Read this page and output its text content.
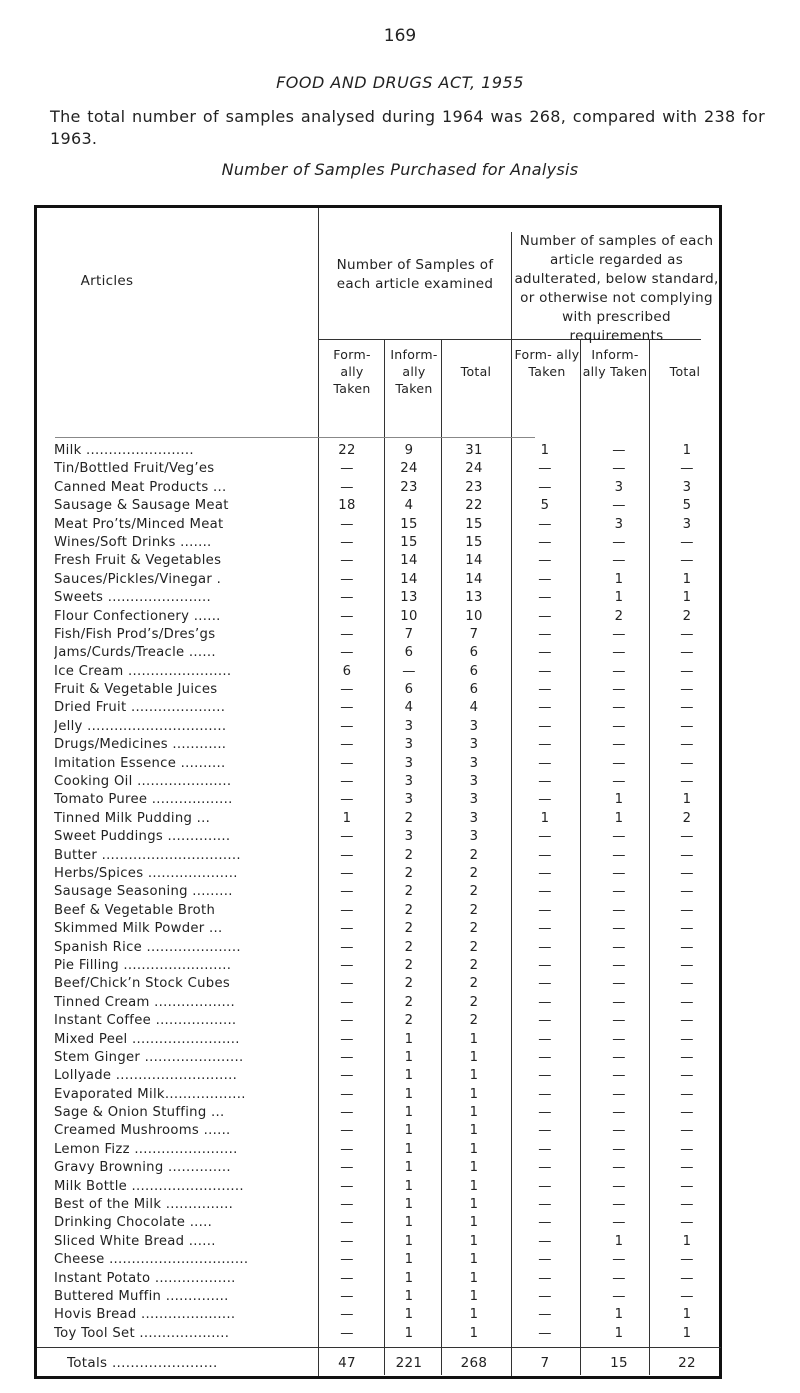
169
FOOD AND DRUGS ACT, 1955
The total number of samples analysed during 1964 was 268, compared with 238 for 1963.
Number of Samples Purchased for Analysis
Articles
Number of Samples of each article examined
Number of samples of each article regarded as adulterated, below standard, or otherwise not complying with prescribed requirements
Form- ally Taken
Inform- ally Taken
Total
Form- ally Taken
Inform- ally Taken	Total
Milk ........................	22	9	31	1	—	1
Tin/Bottled Fruit/Veg’es	—	24	24	—	—	—
Canned Meat Products ...	—	23	23	—	3	3
Sausage & Sausage Meat	18	4	22	5	—	5
Meat Pro’ts/Minced Meat	—	15	15	—	3	3
Wines/Soft Drinks .......	—	15	15	—	—	—
Fresh Fruit & Vegetables	—	14	14	—	—	—
Sauces/Pickles/Vinegar .	—	14	14	—	1	1
Sweets .......................	—	13	13	—	1	1
Flour Confectionery ......	—	10	10	—	2	2
Fish/Fish Prod’s/Dres’gs	—	7	7	—	—	—
Jams/Curds/Treacle ......	—	6	6	—	—	—
Ice Cream .......................	6	—	6	—	—	—
Fruit & Vegetable Juices	—	6	6	—	—	—
Dried Fruit .....................	—	4	4	—	—	—
Jelly ...............................	—	3	3	—	—	—
Drugs/Medicines ............	—	3	3	—	—	—
Imitation Essence ..........	—	3	3	—	—	—
Cooking Oil .....................	—	3	3	—	—	—
Tomato Puree ..................	—	3	3	—	1	1
Tinned Milk Pudding ...	1	2	3	1	1	2
Sweet Puddings ..............	—	3	3	—	—	—
Butter ...............................	—	2	2	—	—	—
Herbs/Spices ....................	—	2	2	—	—	—
Sausage Seasoning .........	—	2	2	—	—	—
Beef & Vegetable Broth	—	2	2	—	—	—
Skimmed Milk Powder ...	—	2	2	—	—	—
Spanish Rice .....................	—	2	2	—	—	—
Pie Filling ........................	—	2	2	—	—	—
Beef/Chick’n Stock Cubes	—	2	2	—	—	—
Tinned Cream ..................	—	2	2	—	—	—
Instant Coffee ..................	—	2	2	—	—	—
Mixed Peel ........................	—	1	1	—	—	—
Stem Ginger ......................	—	1	1	—	—	—
Lollyade ...........................	—	1	1	—	—	—
Evaporated Milk..................	—	1	1	—	—	—
Sage & Onion Stuffing ...	—	1	1	—	—	—
Creamed Mushrooms ......	—	1	1	—	—	—
Lemon Fizz .......................	—	1	1	—	—	—
Gravy Browning ..............	—	1	1	—	—	—
Milk Bottle .........................	—	1	1	—	—	—
Best of the Milk ...............	—	1	1	—	—	—
Drinking Chocolate .....	—	1	1	—	—	—
Sliced White Bread ......	—	1	1	—	1	1
Cheese ...............................	—	1	1	—	—	—
Instant Potato ..................	—	1	1	—	—	—
Buttered Muffin ..............	—	1	1	—	—	—
Hovis Bread .....................	—	1	1	—	1	1
Toy Tool Set ....................	—	1	1	—	1	1
Totals .......................	47	221	268	7	15	22
